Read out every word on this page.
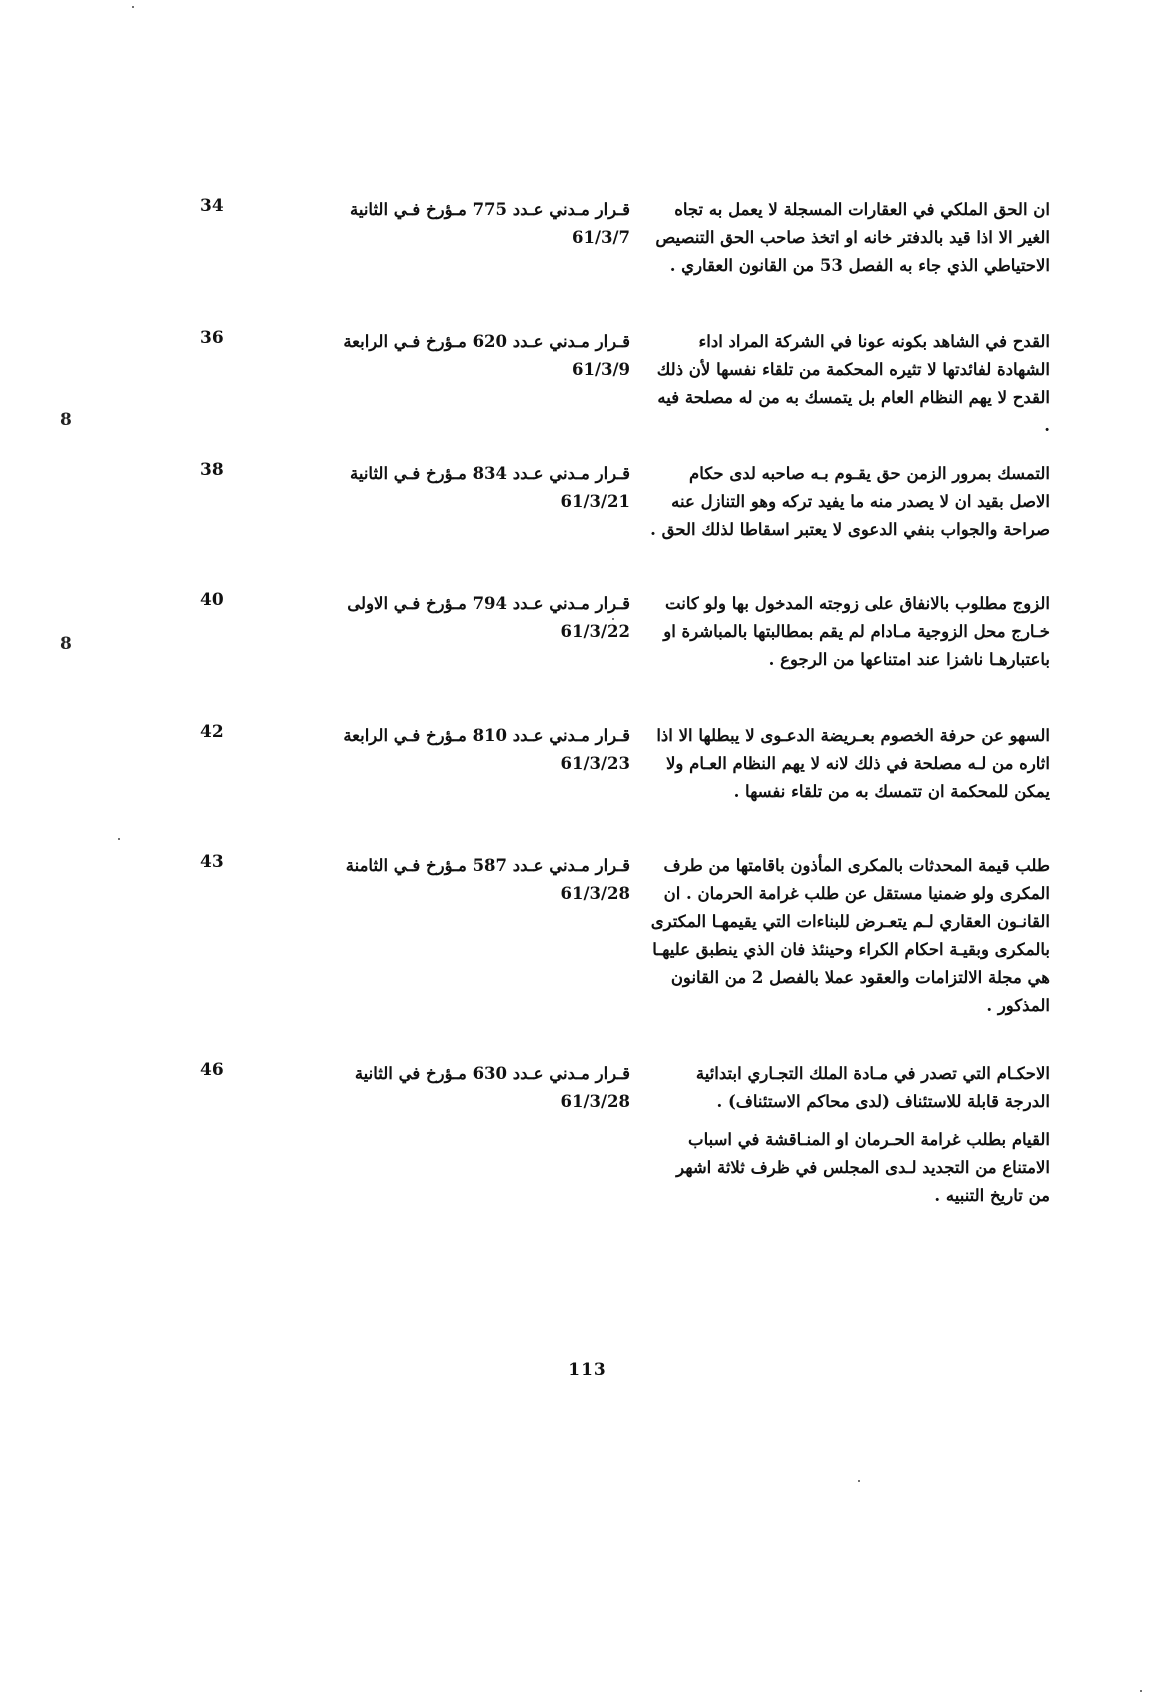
ان الحق الملكي في العقارات المسجلة لا يعمل به تجاه الغير الا اذا قيد بالدفتر خانه او اتخذ صاحب الحق التنصيص الاحتياطي الذي جاء به الفصل 53 من القانون العقاري .

قـرار مـدني عـدد 775 مـؤرخ فـي الثانية
61/3/7
34

القدح في الشاهد بكونه عونا في الشركة المراد اداء الشهادة لفائدتها لا تثيره المحكمة من تلقاء نفسها لأن ذلك القدح لا يهم النظام العام بل يتمسك به من له مصلحة فيه .

قـرار مـدني عـدد 620 مـؤرخ فـي الرابعة
61/3/9
36

التمسك بمرور الزمن حق يقـوم بـه صاحبه لدى حكام الاصل بقيد ان لا يصدر منه ما يفيد تركه وهو التنازل عنه صراحة والجواب بنفي الدعوى لا يعتبر اسقاطا لذلك الحق .

قـرار مـدني عـدد 834 مـؤرخ فـي الثانية
61/3/21
38

الزوج مطلوب بالانفاق على زوجته المدخول بها ولو كانت خـارج محل الزوجية مـادام لم يقم بمطالبتها بالمباشرة او باعتبارهـا ناشزا عند امتناعها من الرجوع .

قـرار مـدني عـدد 794 مـؤرخ فـي الاولى
61/3/22
40

السهو عن حرفة الخصوم بعـريضة الدعـوى لا يبطلها الا اذا اثاره من لـه مصلحة في ذلك لانه لا يهم النظام العـام ولا يمكن للمحكمة ان تتمسك به من تلقاء نفسها .

قـرار مـدني عـدد 810 مـؤرخ فـي الرابعة
61/3/23
42

طلب قيمة المحدثات بالمكرى المأذون باقامتها من طرف المكرى ولو ضمنيا مستقل عن طلب غرامة الحرمان . ان القانـون العقاري لـم يتعـرض للبناءات التي يقيمهـا المكترى بالمكرى وبقيـة احكام الكراء وحينئذ فان الذي ينطبق عليهـا هي مجلة الالتزامات والعقود عملا بالفصل 2 من القانون المذكور .

قـرار مـدني عـدد 587 مـؤرخ فـي الثامنة
61/3/28
43

الاحكـام التي تصدر في مـادة الملك التجـاري ابتدائية الدرجة قابلة للاستئناف (لدى محاكم الاستئناف) .

القيام بطلب غرامة الحـرمان او المنـاقشة في اسباب الامتناع من التجديد لـدى المجلس في ظرف ثلاثة اشهر من تاريخ التنبيه .

قـرار مـدني عـدد 630 مـؤرخ في الثانية
61/3/28
46
8
8
113
